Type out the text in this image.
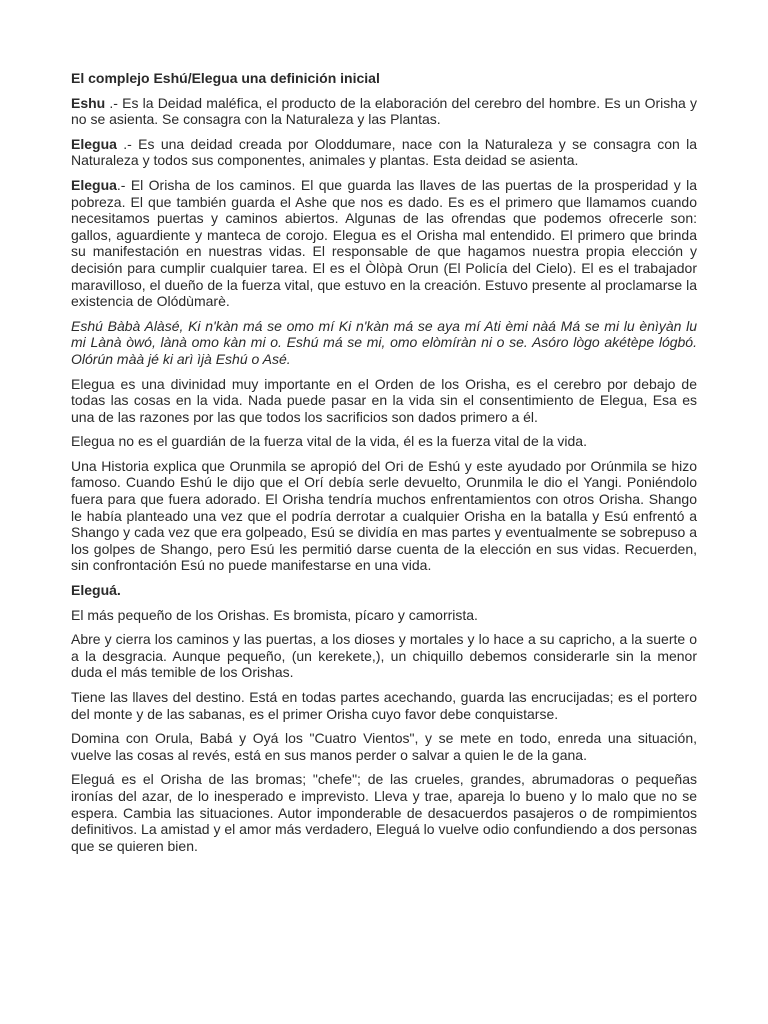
El complejo Eshú/Elegua una definición inicial

Eshu .- Es la Deidad maléfica, el producto de la elaboración del cerebro del hombre. Es un Orisha y no se asienta. Se consagra con la Naturaleza y las Plantas.

Elegua .- Es una deidad creada por Oloddumare, nace con la Naturaleza y se consagra con la Naturaleza y todos sus componentes, animales y plantas. Esta deidad se asienta.

Elegua.- El Orisha de los caminos. El que guarda las llaves de las puertas de la prosperidad y la pobreza. El que también guarda el Ashe que nos es dado. Es es el primero que llamamos cuando necesitamos puertas y caminos abiertos. Algunas de las ofrendas que podemos ofrecerle son: gallos, aguardiente y manteca de corojo. Elegua es el Orisha mal entendido. El primero que brinda su manifestación en nuestras vidas. El responsable de que hagamos nuestra propia elección y decisión para cumplir cualquier tarea. El es el Òlòpà Orun (El Policía del Cielo). El es el trabajador maravilloso, el dueño de la fuerza vital, que estuvo en la creación. Estuvo presente al proclamarse la existencia de Olódùmarè.

Eshú Bàbà Alàsé, Ki n'kàn má se omo mí Ki n'kàn má se aya mí Ati èmi nàá Má se mi lu ènìyàn lu mi Lànà òwó, lànà omo kàn mi o. Eshú má se mi, omo elòmíràn ni o se. Asóro lògo akétèpe lógbó. Olórún màà jé ki arì ìjà Eshú o Asé.

Elegua es una divinidad muy importante en el Orden de los Orisha, es el cerebro por debajo de todas las cosas en la vida. Nada puede pasar en la vida sin el consentimiento de Elegua, Esa es una de las razones por las que todos los sacrificios son dados primero a él.

Elegua no es el guardián de la fuerza vital de la vida, él es la fuerza vital de la vida.

Una Historia explica que Orunmila se apropió del Ori de Eshú y este ayudado por Orúnmila se hizo famoso. Cuando Eshú le dijo que el Orí debía serle devuelto, Orunmila le dio el Yangi. Poniéndolo fuera para que fuera adorado. El Orisha tendría muchos enfrentamientos con otros Orisha. Shango le había planteado una vez que el podría derrotar a cualquier Orisha en la batalla y Esú enfrentó a Shango y cada vez que era golpeado, Esú se dividía en mas partes y eventualmente se sobrepuso a los golpes de Shango, pero Esú les permitió darse cuenta de la elección en sus vidas. Recuerden, sin confrontación Esú no puede manifestarse en una vida.

Eleguá.

El más pequeño de los Orishas. Es bromista, pícaro y camorrista.

Abre y cierra los caminos y las puertas, a los dioses y mortales y lo hace a su capricho, a la suerte o a la desgracia. Aunque pequeño, (un kerekete,), un chiquillo debemos considerarle sin la menor duda el más temible de los Orishas.

Tiene las llaves del destino. Está en todas partes acechando, guarda las encrucijadas; es el portero del monte y de las sabanas, es el primer Orisha cuyo favor debe conquistarse.

Domina con Orula, Babá y Oyá los "Cuatro Vientos", y se mete en todo, enreda una situación, vuelve las cosas al revés, está en sus manos perder o salvar a quien le de la gana.

Eleguá es el Orisha de las bromas; "chefe"; de las crueles, grandes, abrumadoras o pequeñas ironías del azar, de lo inesperado e imprevisto. Lleva y trae, apareja lo bueno y lo malo que no se espera. Cambia las situaciones. Autor imponderable de desacuerdos pasajeros o de rompimientos definitivos. La amistad y el amor más verdadero, Eleguá lo vuelve odio confundiendo a dos personas que se quieren bien.
